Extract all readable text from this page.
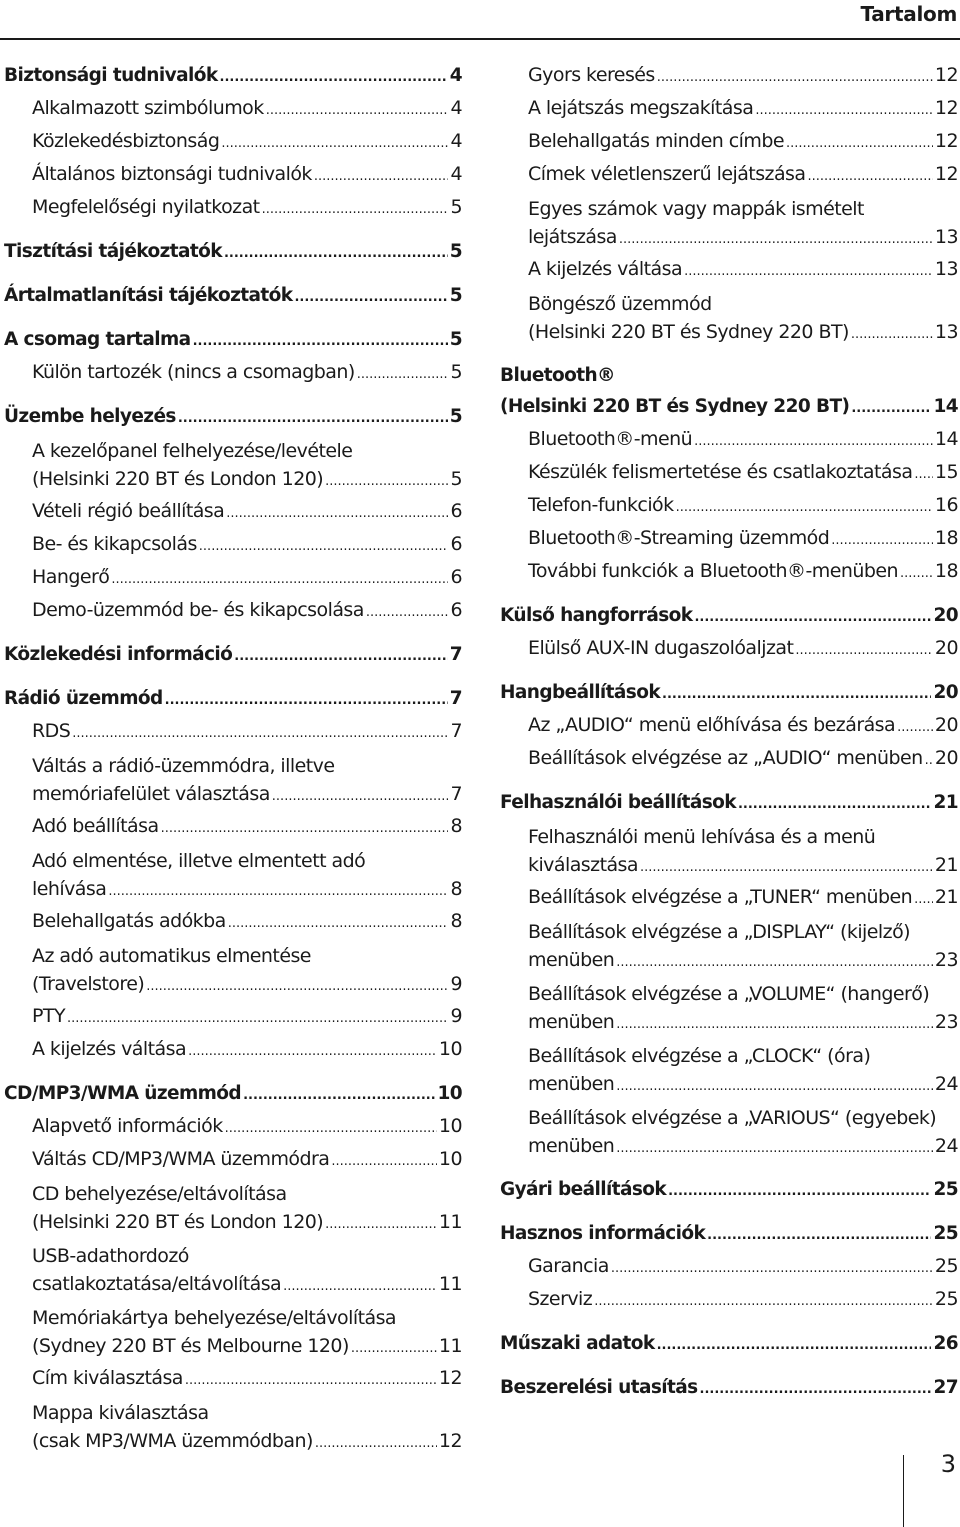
Tartalom
Biztonsági tudnivalók .....	4
Alkalmazott szimbólumok .....	4
Közlekedésbiztonság .....	4
Általános biztonsági tudnivalók .....	4
Megfelelőségi nyilatkozat .....	5
Tisztítási tájékoztatók .....	5
Ártalmatlanítási tájékoztatók .....	5
A csomag tartalma .....	5
Külön tartozék (nincs a csomagban) .....	5
Üzembe helyezés .....	5
A kezelőpanel felhelyezése/levétele
(Helsinki 220 BT és London 120) .....	5
Vételi régió beállítása .....	6
Be- és kikapcsolás .....	6
Hangerő .....	6
Demo-üzemmód be- és kikapcsolása .....	6
Közlekedési információ .....	7
Rádió üzemmód .....	7
RDS .....	7
Váltás a rádió-üzemmódra, illetve
memóriafelület választása .....	7
Adó beállítása .....	8
Adó elmentése, illetve elmentett adó
lehívása .....	8
Belehallgatás adókba .....	8
Az adó automatikus elmentése
(Travelstore) .....	9
PTY .....	9
A kijelzés váltása .....	10
CD/MP3/WMA üzemmód .....	10
Alapvető információk .....	10
Váltás CD/MP3/WMA üzemmódra .....	10
CD behelyezése/eltávolítása
(Helsinki 220 BT és London 120) .....	11
USB-adathordozó
csatlakoztatása/eltávolítása .....	11
Memóriakártya behelyezése/eltávolítása
(Sydney 220 BT és Melbourne 120) .....	11
Cím kiválasztása .....	12
Mappa kiválasztása
(csak MP3/WMA üzemmódban) .....	12
Gyors keresés .....	12
A lejátszás megszakítása .....	12
Belehallgatás minden címbe .....	12
Címek véletlenszerű lejátszása .....	12
Egyes számok vagy mappák ismételt
lejátszása .....	13
A kijelzés váltása .....	13
Böngésző üzemmód
(Helsinki 220 BT és Sydney 220 BT) .....	13
Bluetooth®
(Helsinki 220 BT és Sydney 220 BT) .....	14
Bluetooth®-menü .....	14
Készülék felismertetése és csatlakoztatása ..... 15
Telefon-funkciók .....	16
Bluetooth®-Streaming üzemmód .....	18
További funkciók a Bluetooth®-menüben ..... 18
Külső hangforrások .....	20
Elülső AUX-IN dugaszolóaljzat .....	20
Hangbeállítások .....	20
Az „AUDIO“ menü előhívása és bezárása ..... 20
Beállítások elvégzése az „AUDIO“ menüben ..... 20
Felhasználói beállítások .....	21
Felhasználói menü lehívása és a menü
kiválasztása .....	21
Beállítások elvégzése a „TUNER“ menüben ..... 21
Beállítások elvégzése a „DISPLAY“ (kijelző)
menüben .....	23
Beállítások elvégzése a „VOLUME“ (hangerő)
menüben .....	23
Beállítások elvégzése a „CLOCK“ (óra)
menüben .....	24
Beállítások elvégzése a „VARIOUS“ (egyebek)
menüben .....	24
Gyári beállítások .....	25
Hasznos információk .....	25
Garancia .....	25
Szerviz .....	25
Műszaki adatok .....	26
Beszerelési utasítás .....	27
3
